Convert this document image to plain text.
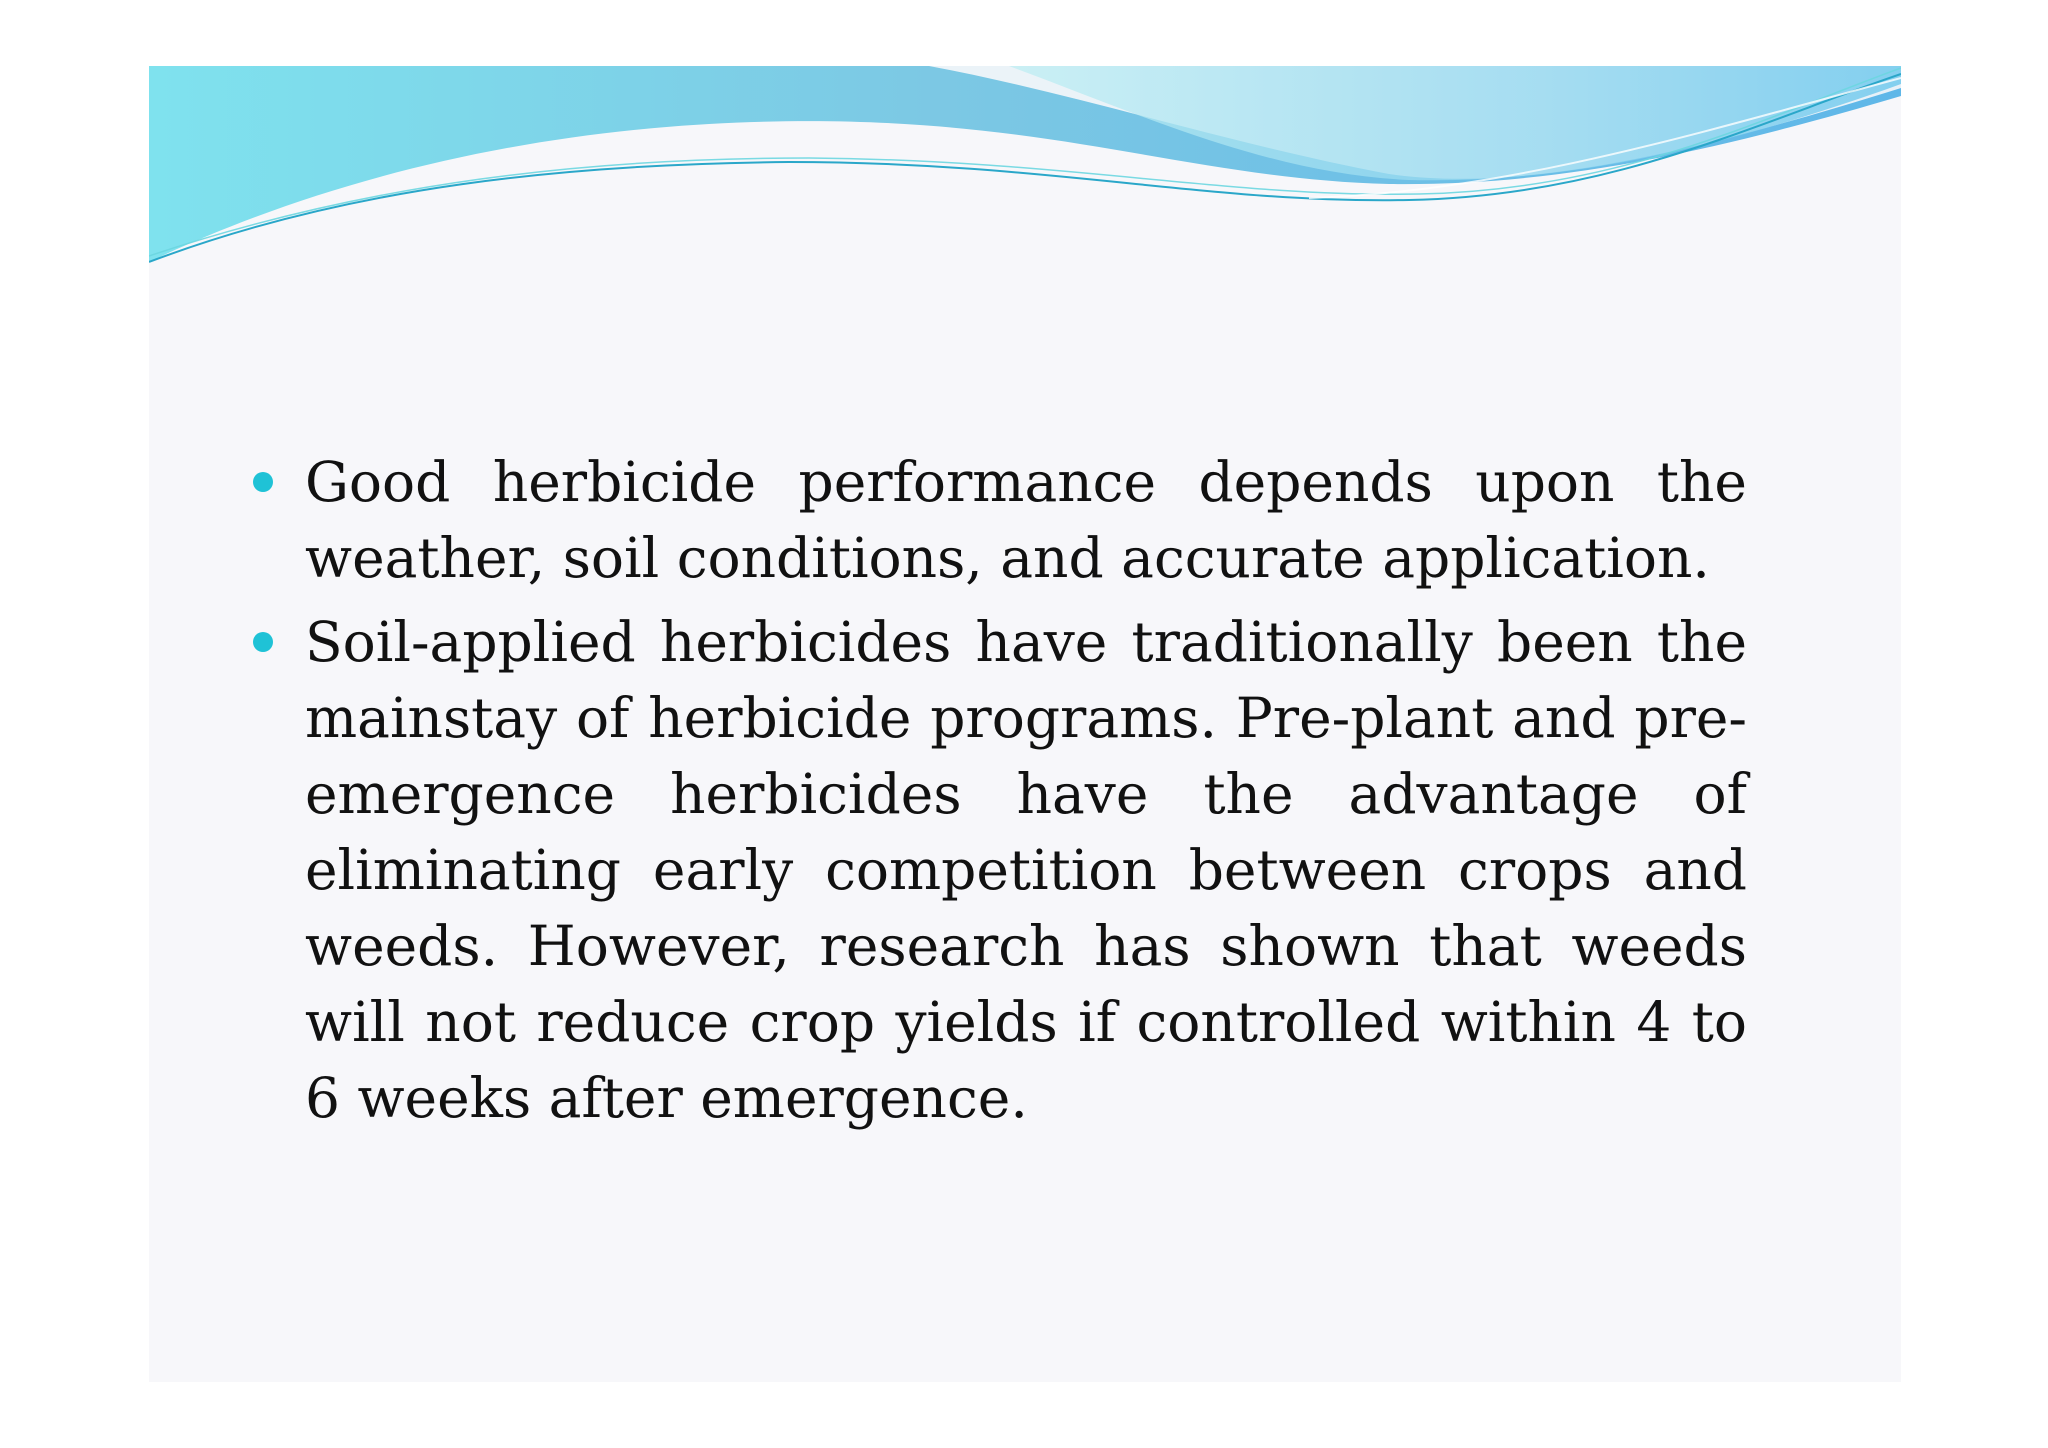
Good herbicide performance depends upon the weather, soil conditions, and accurate application.
Soil-applied herbicides have traditionally been the mainstay of herbicide programs. Pre-plant and pre-emergence herbicides have the advantage of eliminating early competition between crops and weeds. However, research has shown that weeds will not reduce crop yields if controlled within 4 to 6 weeks after emergence.
